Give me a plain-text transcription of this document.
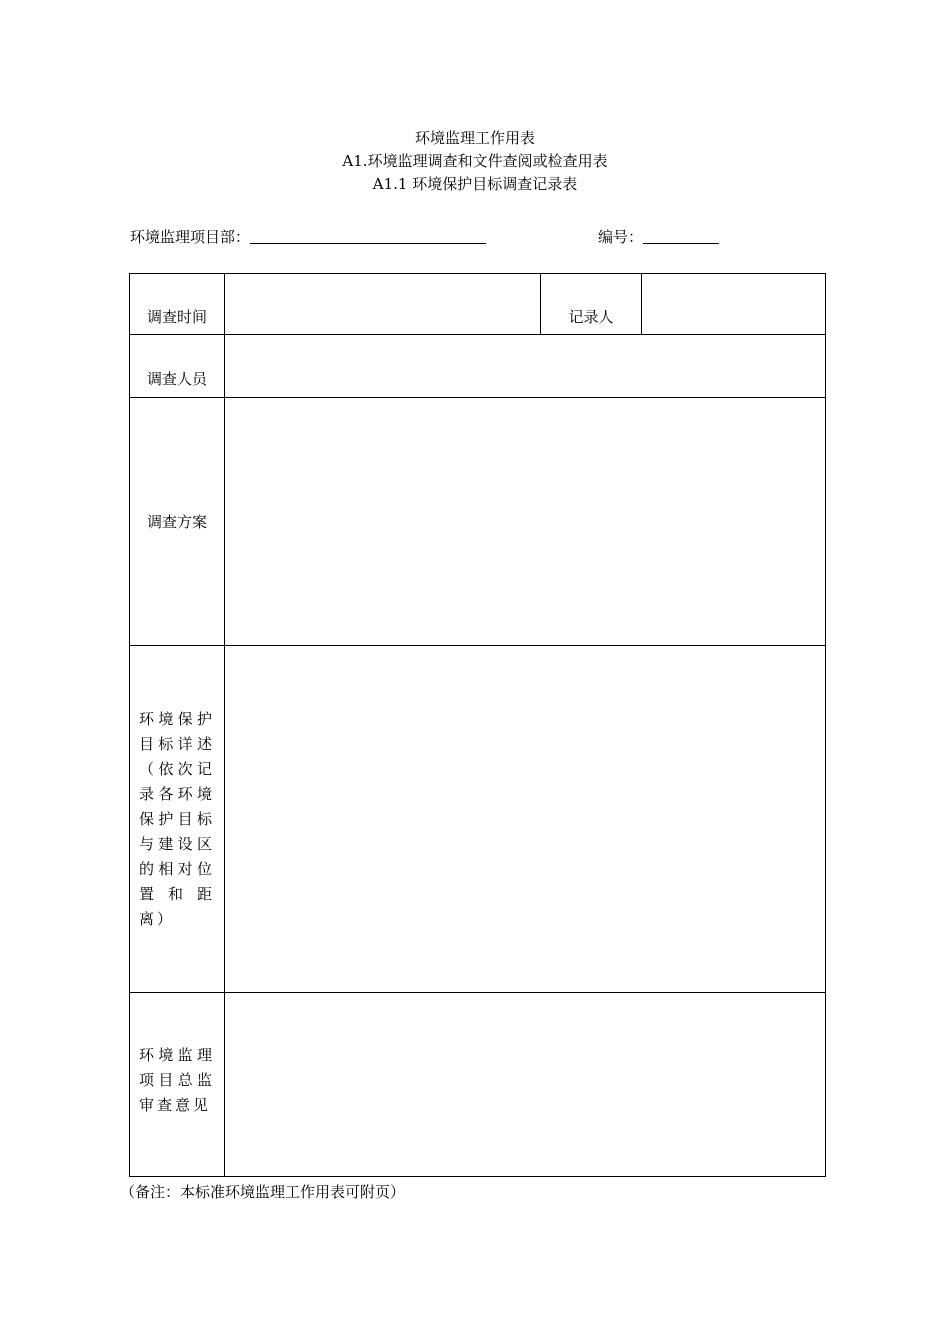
环境监理工作用表
A1.环境监理调查和文件查阅或检查用表
A1.1 环境保护目标调查记录表
环境监理项目部：	编号：
调查时间		记录人	

调查人员			

调查方案			

环境保护目标详述（依次记录各环境保护目标与建设区的相对位置和距离）			

环境监理项目总监审查意见			

（备注：本标准环境监理工作用表可附页）
